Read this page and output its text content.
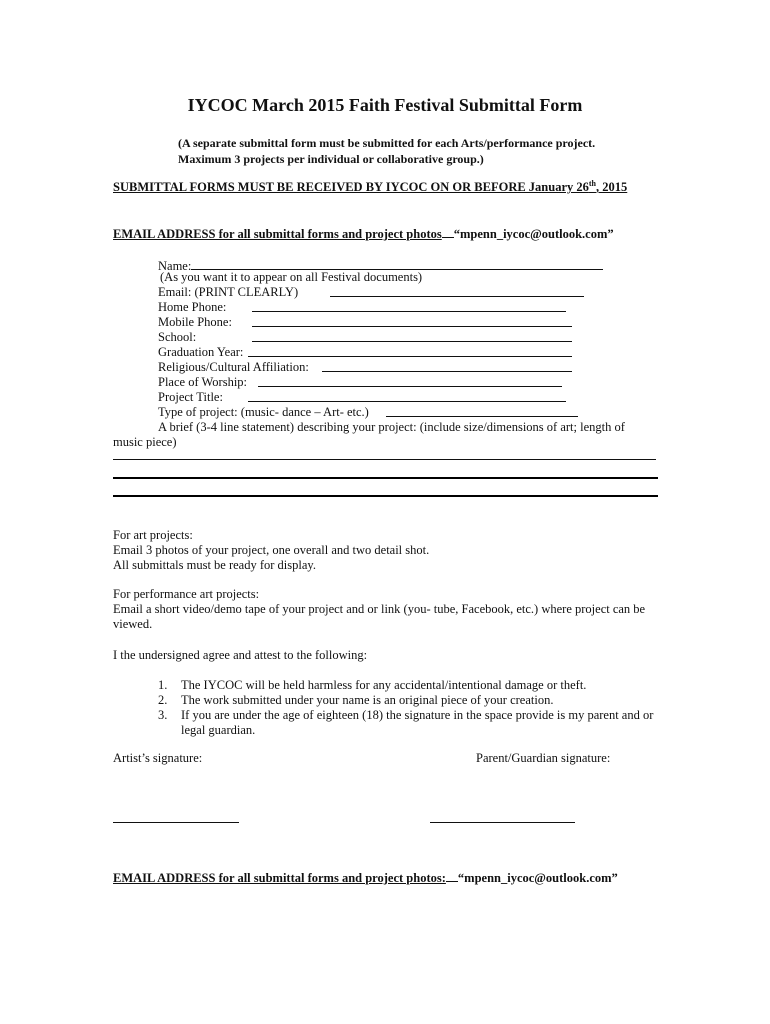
IYCOC March 2015 Faith Festival Submittal Form
(A separate submittal form must be submitted for each Arts/performance project.
Maximum 3 projects per individual or collaborative group.)
SUBMITTAL FORMS MUST BE RECEIVED BY IYCOC ON OR BEFORE January 26th, 2015
EMAIL ADDRESS for all submittal forms and project photos “mpenn_iycoc@outlook.com”
Name:
(As you want it to appear on all Festival documents)
Email: (PRINT CLEARLY)
Home Phone:
Mobile Phone:
School:
Graduation Year:
Religious/Cultural Affiliation:
Place of Worship:
Project Title:
Type of project: (music- dance – Art- etc.)
A brief (3-4 line statement) describing your project: (include size/dimensions of art; length of
music piece)
For art projects:
Email 3 photos of your project, one overall and two detail shot.
All submittals must be ready for display.
For performance art projects:
Email a short video/demo tape of your project and or link (you- tube, Facebook, etc.) where project can be
viewed.
I the undersigned agree and attest to the following:
1. The IYCOC will be held harmless for any accidental/intentional damage or theft.
2. The work submitted under your name is an original piece of your creation.
3. If you are under the age of eighteen (18) the signature in the space provide is my parent and or
legal guardian.
Artist’s signature:	Parent/Guardian signature:
EMAIL ADDRESS for all submittal forms and project photos: “mpenn_iycoc@outlook.com”
